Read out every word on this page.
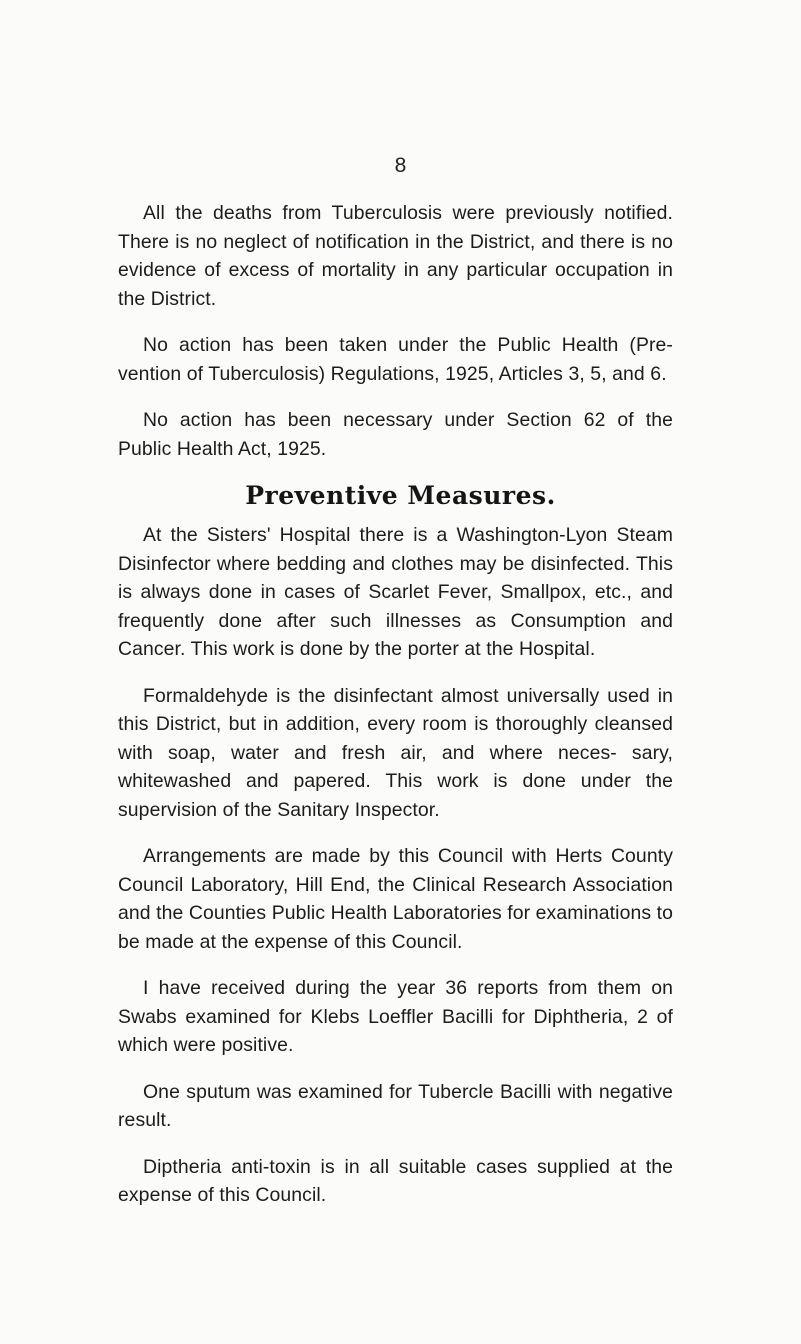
8

All the deaths from Tuberculosis were previously notified. There is no neglect of notification in the District, and there is no evidence of excess of mortality in any particular occupation in the District.

No action has been taken under the Public Health (Pre- vention of Tuberculosis) Regulations, 1925, Articles 3, 5, and 6.

No action has been necessary under Section 62 of the Public Health Act, 1925.

Preventive Measures.

At the Sisters' Hospital there is a Washington-Lyon Steam Disinfector where bedding and clothes may be disinfected. This is always done in cases of Scarlet Fever, Smallpox, etc., and frequently done after such illnesses as Consumption and Cancer. This work is done by the porter at the Hospital.

Formaldehyde is the disinfectant almost universally used in this District, but in addition, every room is thoroughly cleansed with soap, water and fresh air, and where neces- sary, whitewashed and papered. This work is done under the supervision of the Sanitary Inspector.

Arrangements are made by this Council with Herts County Council Laboratory, Hill End, the Clinical Research Association and the Counties Public Health Laboratories for examinations to be made at the expense of this Council.

I have received during the year 36 reports from them on Swabs examined for Klebs Loeffler Bacilli for Diphtheria, 2 of which were positive.

One sputum was examined for Tubercle Bacilli with negative result.

Diptheria anti-toxin is in all suitable cases supplied at the expense of this Council.
